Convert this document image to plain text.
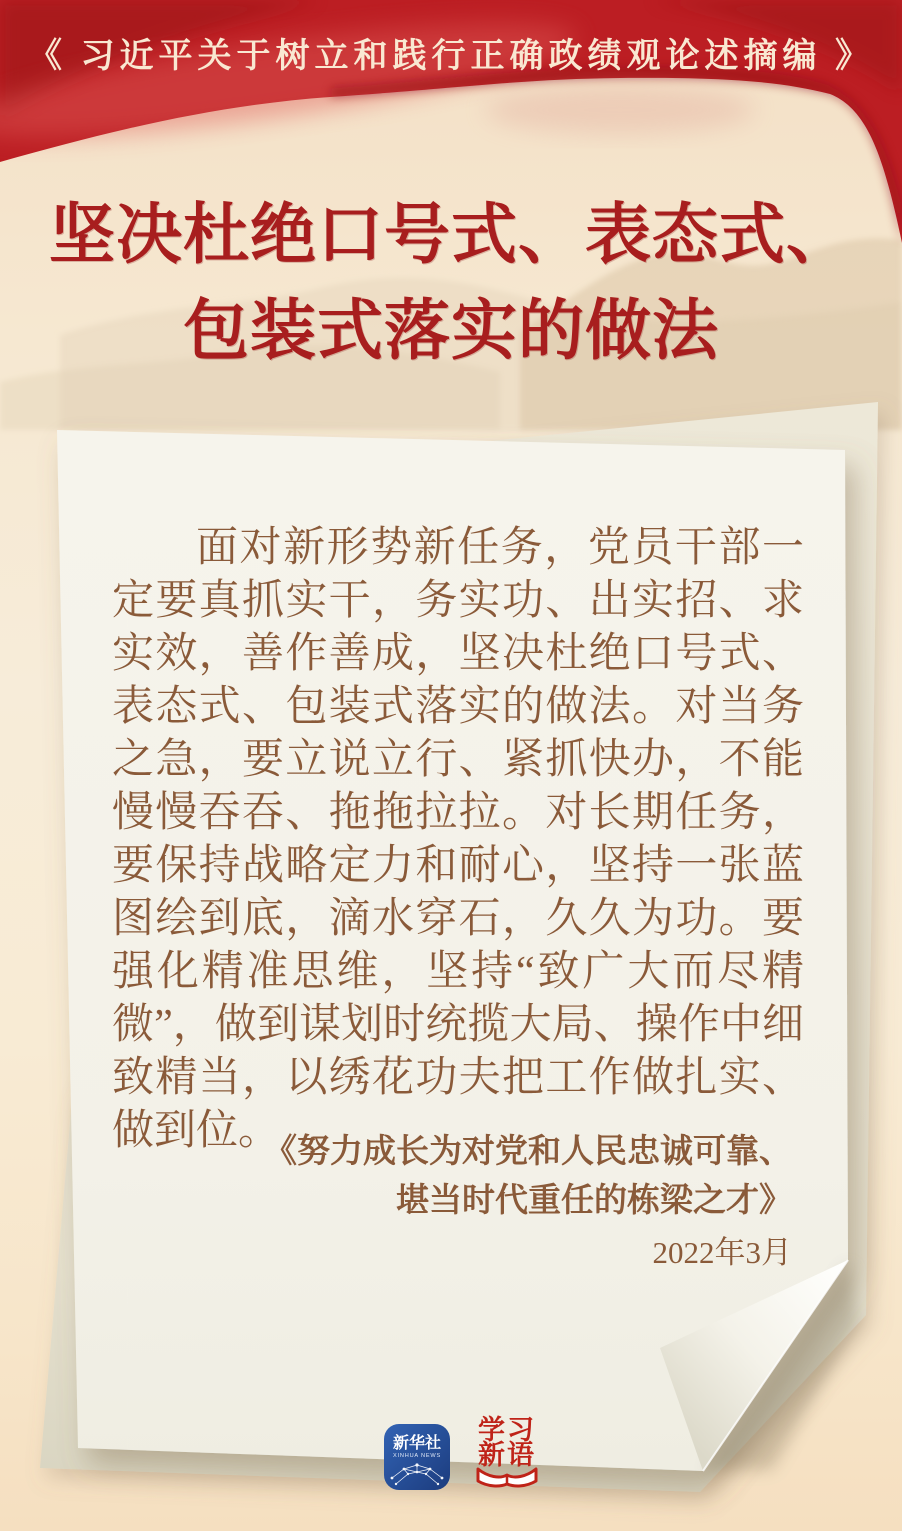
《 习近平关于树立和践行正确政绩观论述摘编 》
坚决杜绝口号式、表态式、
包装式落实的做法

面对新形势新任务，党员干部一定要真抓实干，务实功、出实招、求实效，善作善成，坚决杜绝口号式、表态式、包装式落实的做法。对当务之急，要立说立行、紧抓快办，不能慢慢吞吞、拖拖拉拉。对长期任务，要保持战略定力和耐心，坚持一张蓝图绘到底，滴水穿石，久久为功。要强化精准思维，坚持“致广大而尽精微”，做到谋划时统揽大局、操作中细致精当，以绣花功夫把工作做扎实、做到位。

《努力成长为对党和人民忠诚可靠、
堪当时代重任的栋梁之才》
2022年3月
新华社
XINHUA NEWS
学习
新语
